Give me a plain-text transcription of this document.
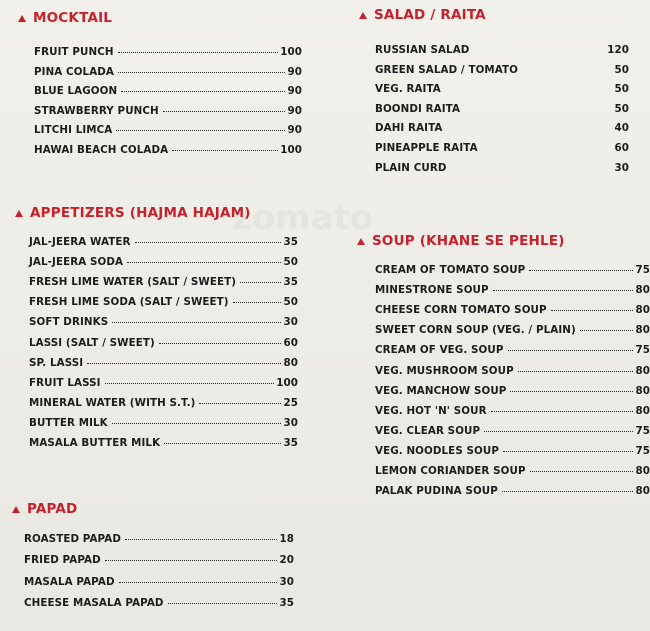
MOCKTAIL
FRUIT PUNCH	100
PINA COLADA	90
BLUE LAGOON	90
STRAWBERRY PUNCH	90
LITCHI LIMCA	90
HAWAI BEACH COLADA	100
SALAD / RAITA
RUSSIAN SALAD	120
GREEN SALAD / TOMATO	50
VEG. RAITA	50
BOONDI RAITA	50
DAHI RAITA	40
PINEAPPLE RAITA	60
PLAIN CURD	30
APPETIZERS (HAJMA HAJAM)
JAL-JEERA WATER	35
JAL-JEERA SODA	50
FRESH LIME WATER (SALT / SWEET)	35
FRESH LIME SODA (SALT / SWEET)	50
SOFT DRINKS	30
LASSI (SALT / SWEET)	60
SP. LASSI	80
FRUIT LASSI	100
MINERAL WATER (WITH S.T.)	25
BUTTER MILK	30
MASALA BUTTER MILK	35
SOUP (KHANE SE PEHLE)
CREAM OF TOMATO SOUP	75
MINESTRONE SOUP	80
CHEESE CORN TOMATO SOUP	80
SWEET CORN SOUP (VEG. / PLAIN)	80
CREAM OF VEG. SOUP	75
VEG. MUSHROOM SOUP	80
VEG. MANCHOW SOUP	80
VEG. HOT 'N' SOUR	80
VEG. CLEAR SOUP	75
VEG. NOODLES SOUP	75
LEMON CORIANDER SOUP	80
PALAK PUDINA SOUP	80
PAPAD
ROASTED PAPAD	18
FRIED PAPAD	20
MASALA PAPAD	30
CHEESE MASALA PAPAD	35
